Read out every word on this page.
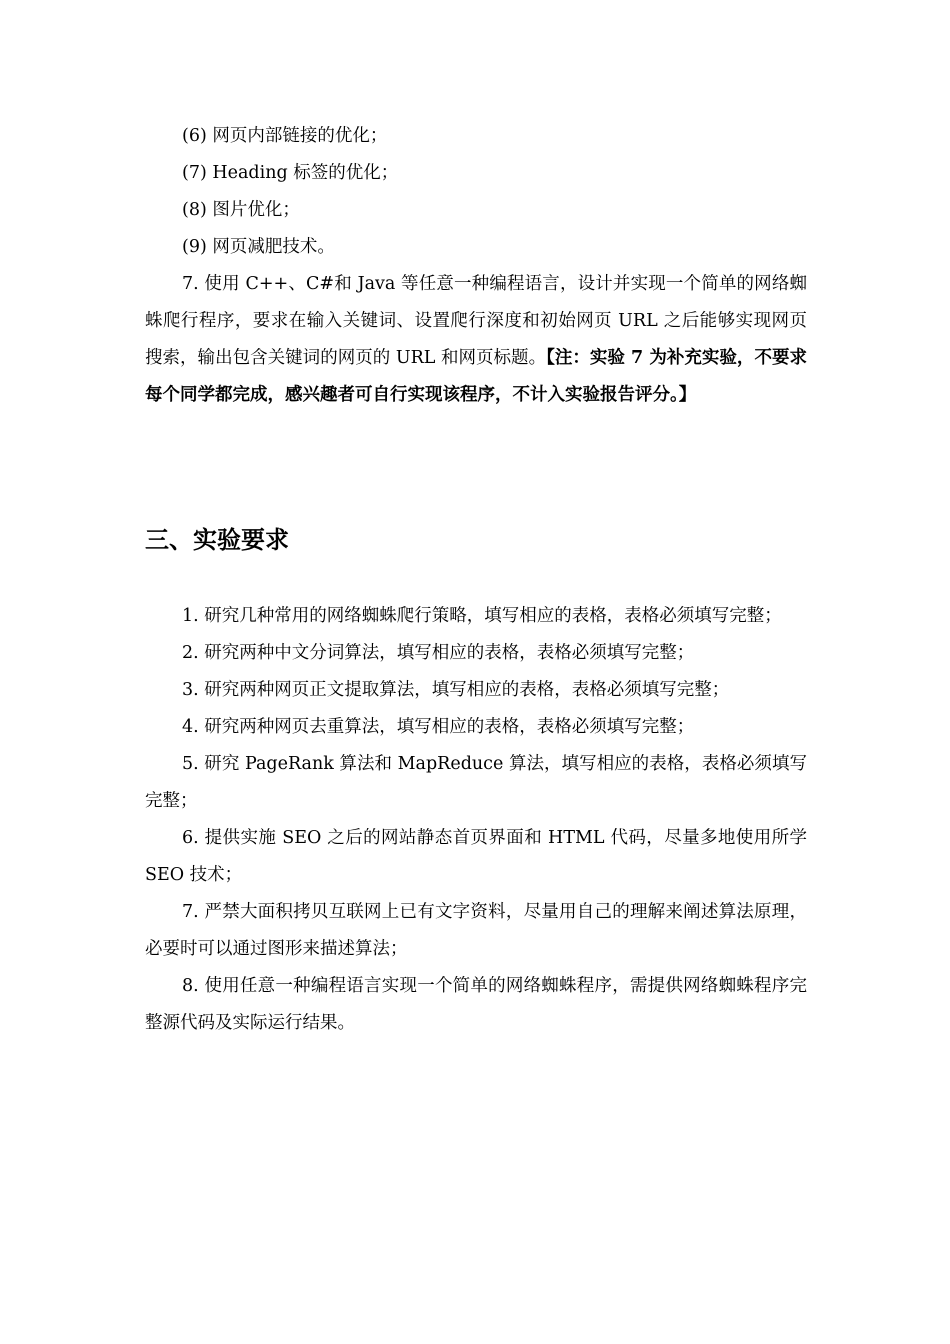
(6) 网页内部链接的优化；

(7) Heading 标签的优化；

(8) 图片优化；

(9) 网页减肥技术。

7. 使用 C++、C#和 Java 等任意一种编程语言，设计并实现一个简单的网络蜘蛛爬行程序，要求在输入关键词、设置爬行深度和初始网页 URL 之后能够实现网页搜索，输出包含关键词的网页的 URL 和网页标题。【注：实验 7 为补充实验，不要求每个同学都完成，感兴趣者可自行实现该程序，不计入实验报告评分。】

三、实验要求

1. 研究几种常用的网络蜘蛛爬行策略，填写相应的表格，表格必须填写完整；

2. 研究两种中文分词算法，填写相应的表格，表格必须填写完整；

3. 研究两种网页正文提取算法，填写相应的表格，表格必须填写完整；

4. 研究两种网页去重算法，填写相应的表格，表格必须填写完整；

5. 研究 PageRank 算法和 MapReduce 算法，填写相应的表格，表格必须填写完整；

6. 提供实施 SEO 之后的网站静态首页界面和 HTML 代码，尽量多地使用所学 SEO 技术；

7. 严禁大面积拷贝互联网上已有文字资料，尽量用自己的理解来阐述算法原理，必要时可以通过图形来描述算法；

8. 使用任意一种编程语言实现一个简单的网络蜘蛛程序，需提供网络蜘蛛程序完整源代码及实际运行结果。
